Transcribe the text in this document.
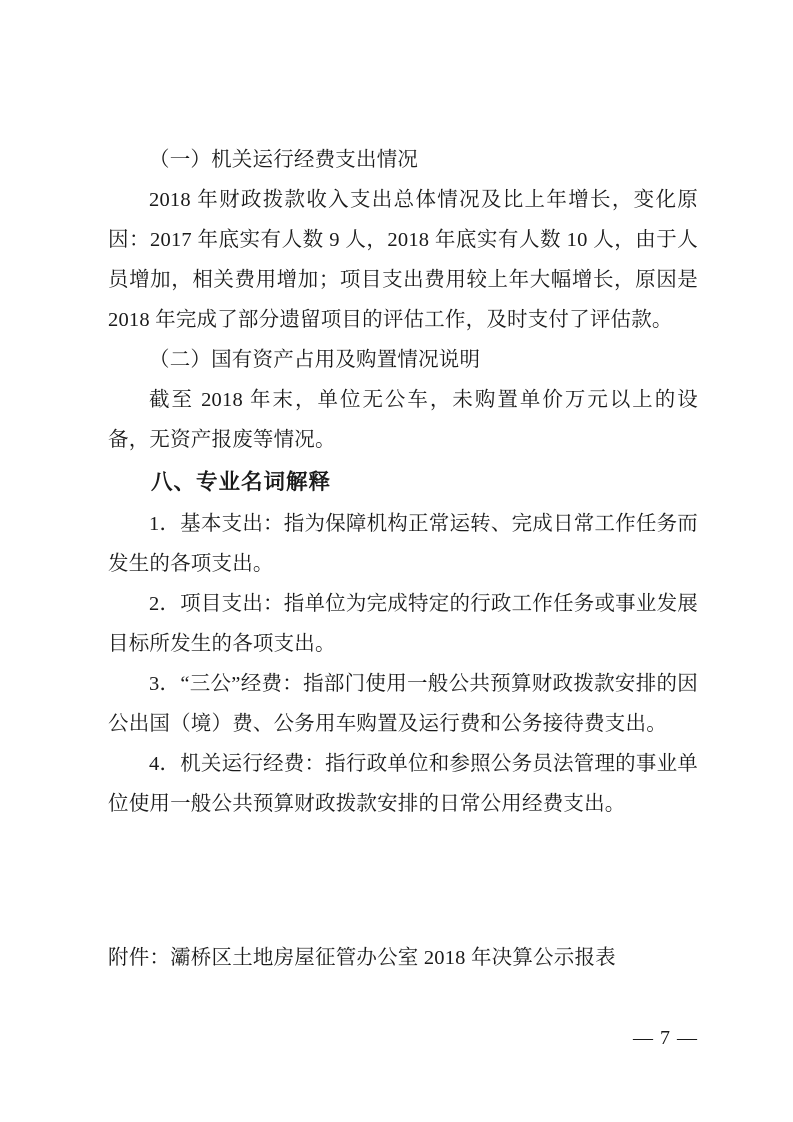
（一）机关运行经费支出情况

2018 年财政拨款收入支出总体情况及比上年增长，变化原因：2017 年底实有人数 9 人，2018 年底实有人数 10 人，由于人员增加，相关费用增加；项目支出费用较上年大幅增长，原因是 2018 年完成了部分遗留项目的评估工作，及时支付了评估款。

（二）国有资产占用及购置情况说明

截至 2018 年末，单位无公车，未购置单价万元以上的设备，无资产报废等情况。

八、专业名词解释

1．基本支出：指为保障机构正常运转、完成日常工作任务而发生的各项支出。

2．项目支出：指单位为完成特定的行政工作任务或事业发展目标所发生的各项支出。

3．“三公”经费：指部门使用一般公共预算财政拨款安排的因公出国（境）费、公务用车购置及运行费和公务接待费支出。

4．机关运行经费：指行政单位和参照公务员法管理的事业单位使用一般公共预算财政拨款安排的日常公用经费支出。

附件：灞桥区土地房屋征管办公室 2018 年决算公示报表

— 7 —
